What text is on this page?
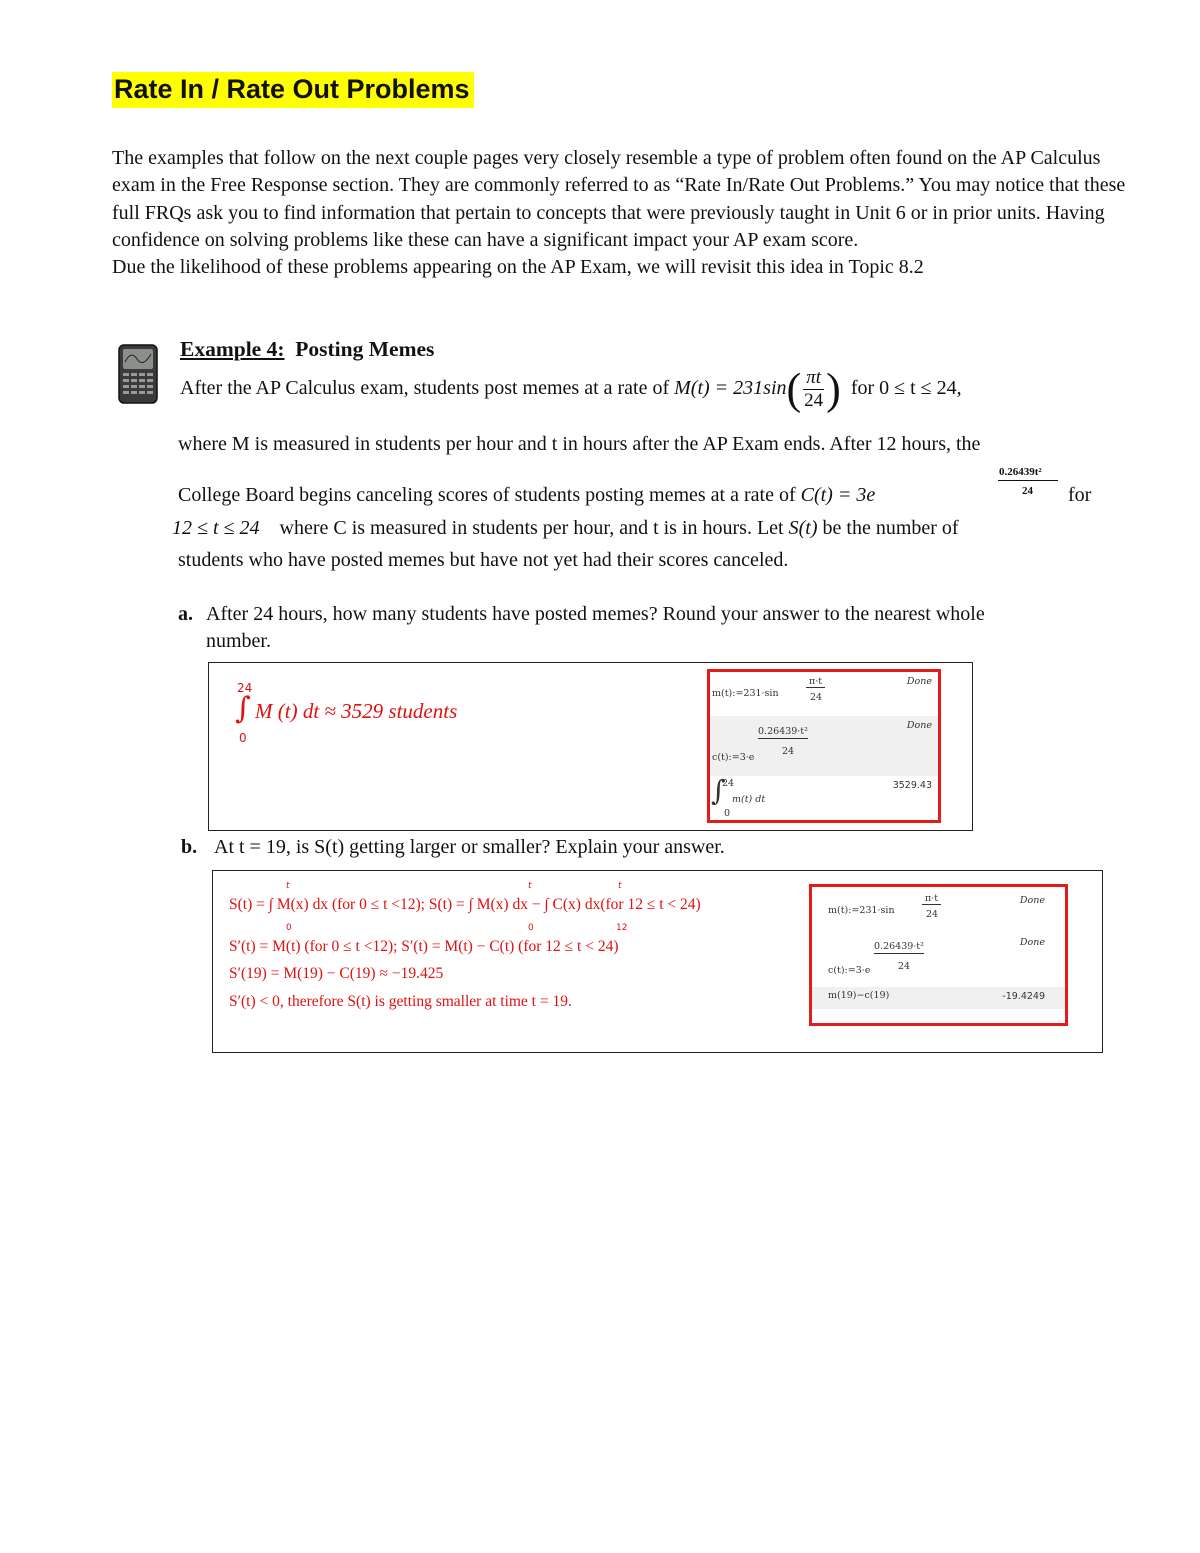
Rate In / Rate Out Problems

The examples that follow on the next couple pages very closely resemble a type of problem often found on the AP Calculus exam in the Free Response section. They are commonly referred to as “Rate In/Rate Out Problems.” You may notice that these full FRQs ask you to find information that pertain to concepts that were previously taught in Unit 6 or in prior units. Having confidence on solving problems like these can have a significant impact your AP exam score.

Due the likelihood of these problems appearing on the AP Exam, we will revisit this idea in Topic 8.2

Example 4: Posting Memes
After the AP Calculus exam, students post memes at a rate of $M(t) = 231\sin( \frac{\pi t}{24}$ ) for 0 ≤ t ≤ 24,
where M is measured in students per hour and t in hours after the AP Exam ends. After 12 hours, the
0.26439t²
24
College Board begins canceling scores of students posting memes at a rate of C(t) = 3e	for
12 ≤ t ≤ 24 where C is measured in students per hour, and t is in hours. Let S(t) be the number of
students who have posted memes but have not yet had their scores canceled.
a. After 24 hours, how many students have posted memes? Round your answer to the nearest whole
number.
24
∫
0
M (t) dt ≈ 3529 students
m(t):=231·sin
π·t
24
Done
0.26439·t²
24
c(t):=3·e
Done
∫
24
0
m(t) dt
3529.43
b. At t = 19, is S(t) getting larger or smaller? Explain your answer.
t
0
t
0
t
12
S(t) = ∫ M(x) dx (for 0 ≤ t <12); S(t) = ∫ M(x) dx − ∫ C(x) dx(for 12 ≤ t < 24)
S′(t) = M(t) (for 0 ≤ t <12); S′(t) = M(t) − C(t) (for 12 ≤ t < 24)
S′(19) = M(19) − C(19) ≈ −19.425
S′(t) < 0, therefore S(t) is getting smaller at time t = 19.
m(t):=231·sin
π·t
24
Done
0.26439·t²
24
c(t):=3·e
Done
m(19)−c(19)	-19.4249
